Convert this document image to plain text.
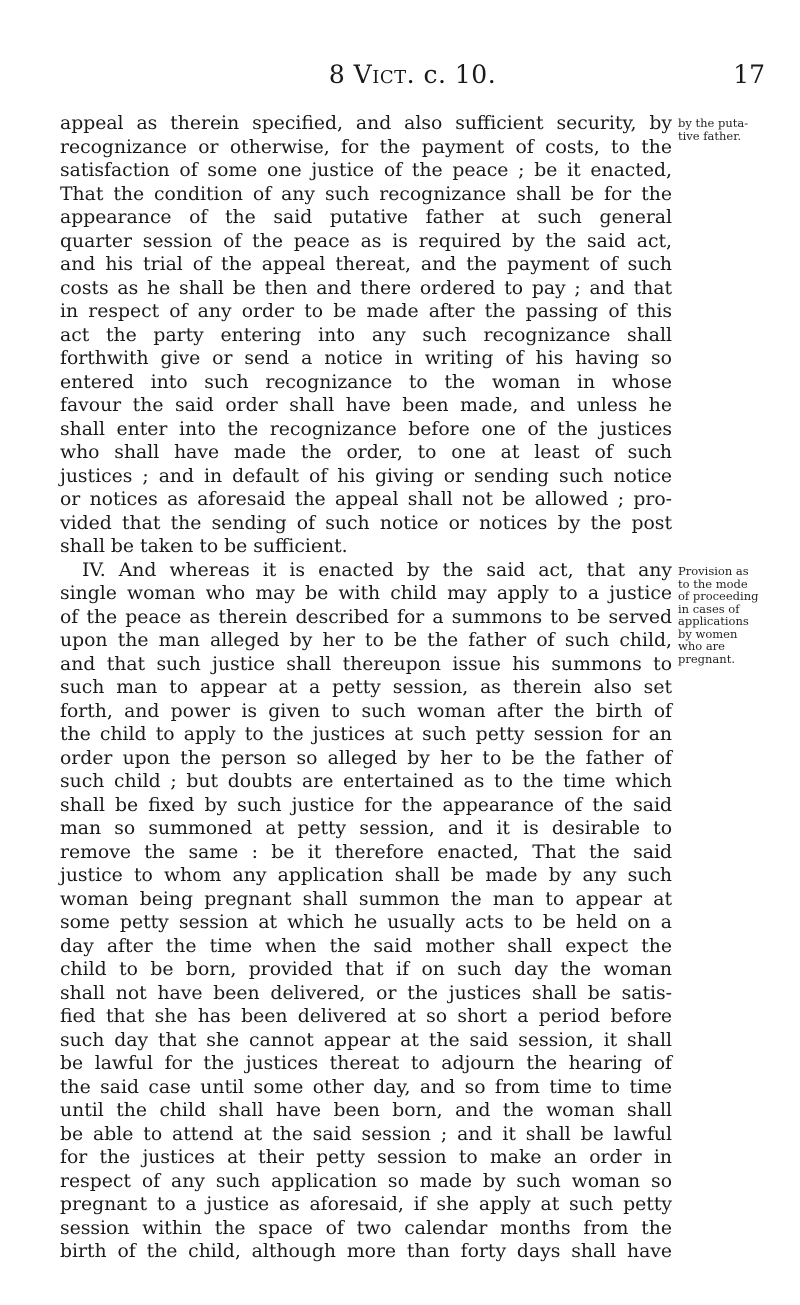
8 Vict. c. 10.	17
appeal as therein specified, and also sufficient security, by
recognizance or otherwise, for the payment of costs, to the
satisfaction of some one justice of the peace ; be it enacted,
That the condition of any such recognizance shall be for the
appearance of the said putative father at such general
quarter session of the peace as is required by the said act,
and his trial of the appeal thereat, and the payment of such
costs as he shall be then and there ordered to pay ; and that
in respect of any order to be made after the passing of this
act the party entering into any such recognizance shall
forthwith give or send a notice in writing of his having so
entered into such recognizance to the woman in whose
favour the said order shall have been made, and unless he
shall enter into the recognizance before one of the justices
who shall have made the order, to one at least of such
justices ; and in default of his giving or sending such notice
or notices as aforesaid the appeal shall not be allowed ; pro-
vided that the sending of such notice or notices by the post
shall be taken to be sufficient.
IV. And whereas it is enacted by the said act, that any
single woman who may be with child may apply to a justice
of the peace as therein described for a summons to be served
upon the man alleged by her to be the father of such child,
and that such justice shall thereupon issue his summons to
such man to appear at a petty session, as therein also set
forth, and power is given to such woman after the birth of
the child to apply to the justices at such petty session for an
order upon the person so alleged by her to be the father of
such child ; but doubts are entertained as to the time which
shall be fixed by such justice for the appearance of the said
man so summoned at petty session, and it is desirable to
remove the same : be it therefore enacted, That the said
justice to whom any application shall be made by any such
woman being pregnant shall summon the man to appear at
some petty session at which he usually acts to be held on a
day after the time when the said mother shall expect the
child to be born, provided that if on such day the woman
shall not have been delivered, or the justices shall be satis-
fied that she has been delivered at so short a period before
such day that she cannot appear at the said session, it shall
be lawful for the justices thereat to adjourn the hearing of
the said case until some other day, and so from time to time
until the child shall have been born, and the woman shall
be able to attend at the said session ; and it shall be lawful
for the justices at their petty session to make an order in
respect of any such application so made by such woman so
pregnant to a justice as aforesaid, if she apply at such petty
session within the space of two calendar months from the
birth of the child, although more than forty days shall have
by the puta-
tive father.
Provision as
to the mode
of proceeding
in cases of
applications
by women
who are
pregnant.
